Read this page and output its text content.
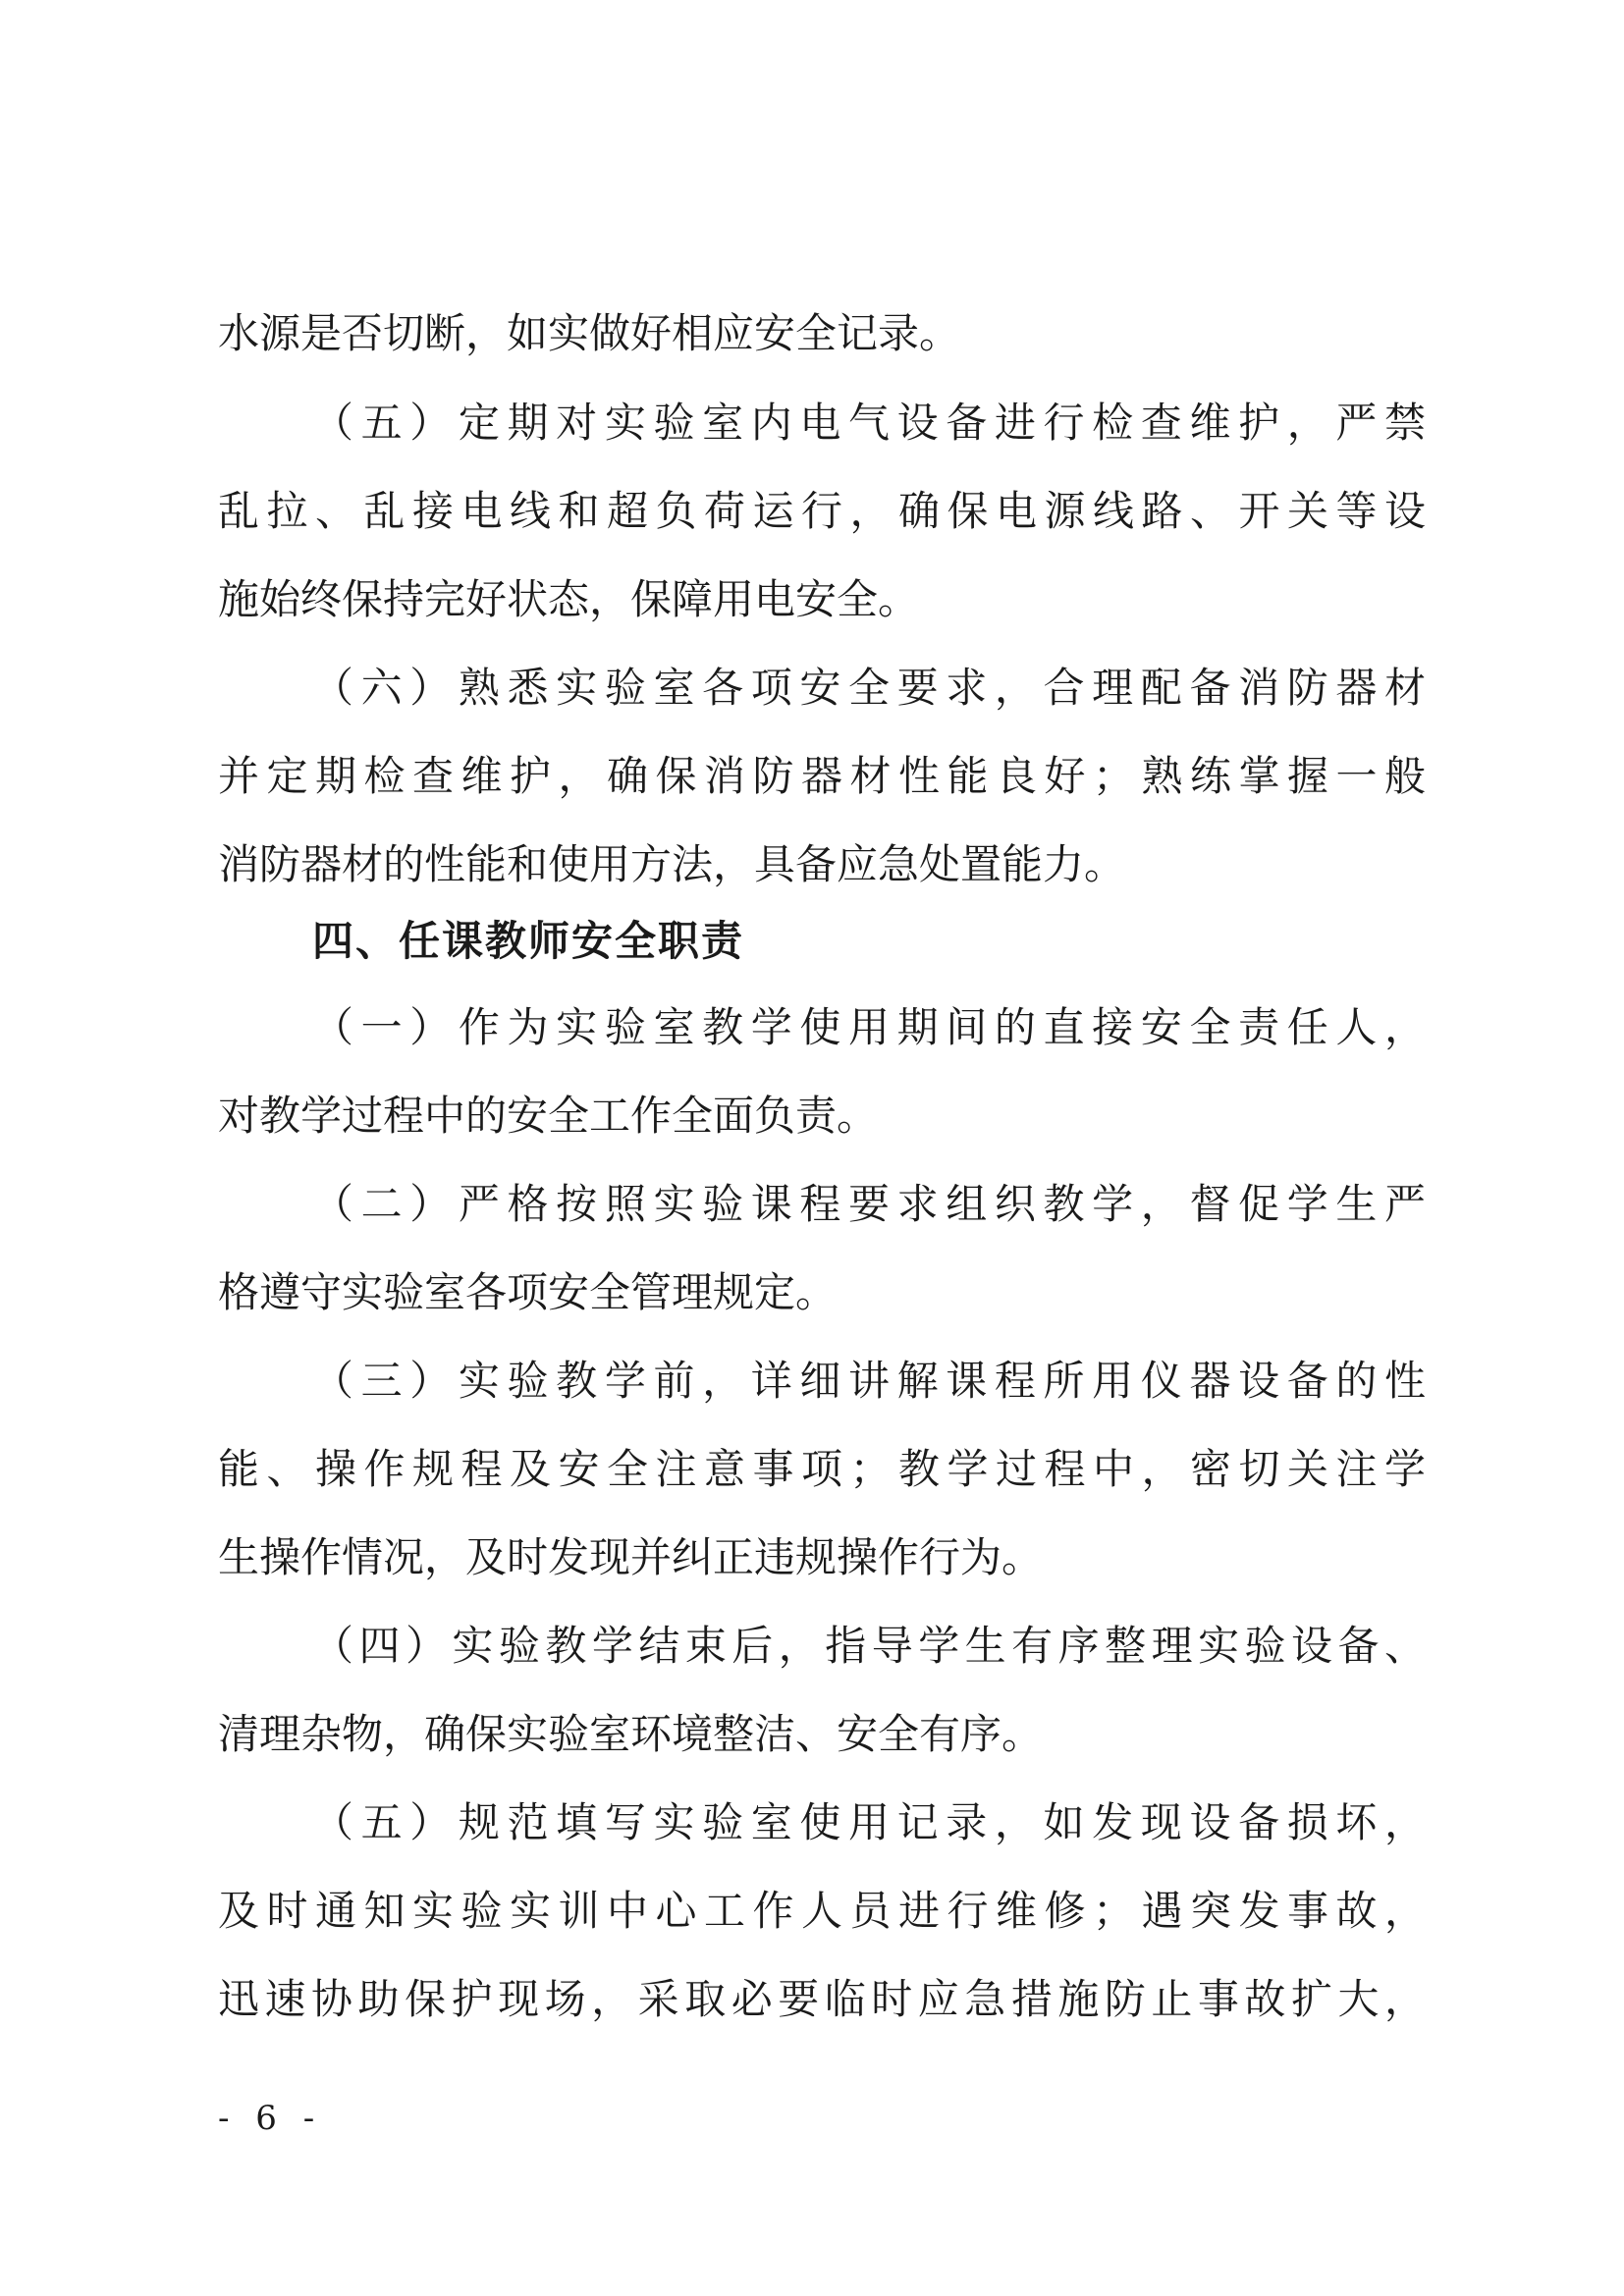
水源是否切断，如实做好相应安全记录。
（五）定期对实验室内电气设备进行检查维护，严禁
乱拉、乱接电线和超负荷运行，确保电源线路、开关等设
施始终保持完好状态，保障用电安全。
（六）熟悉实验室各项安全要求，合理配备消防器材
并定期检查维护，确保消防器材性能良好；熟练掌握一般
消防器材的性能和使用方法，具备应急处置能力。
四、任课教师安全职责
（一）作为实验室教学使用期间的直接安全责任人，
对教学过程中的安全工作全面负责。
（二）严格按照实验课程要求组织教学，督促学生严
格遵守实验室各项安全管理规定。
（三）实验教学前，详细讲解课程所用仪器设备的性
能、操作规程及安全注意事项；教学过程中，密切关注学
生操作情况，及时发现并纠正违规操作行为。
（四）实验教学结束后，指导学生有序整理实验设备、
清理杂物，确保实验室环境整洁、安全有序。
（五）规范填写实验室使用记录，如发现设备损坏，
及时通知实验实训中心工作人员进行维修；遇突发事故，
迅速协助保护现场，采取必要临时应急措施防止事故扩大，
- 6 -
